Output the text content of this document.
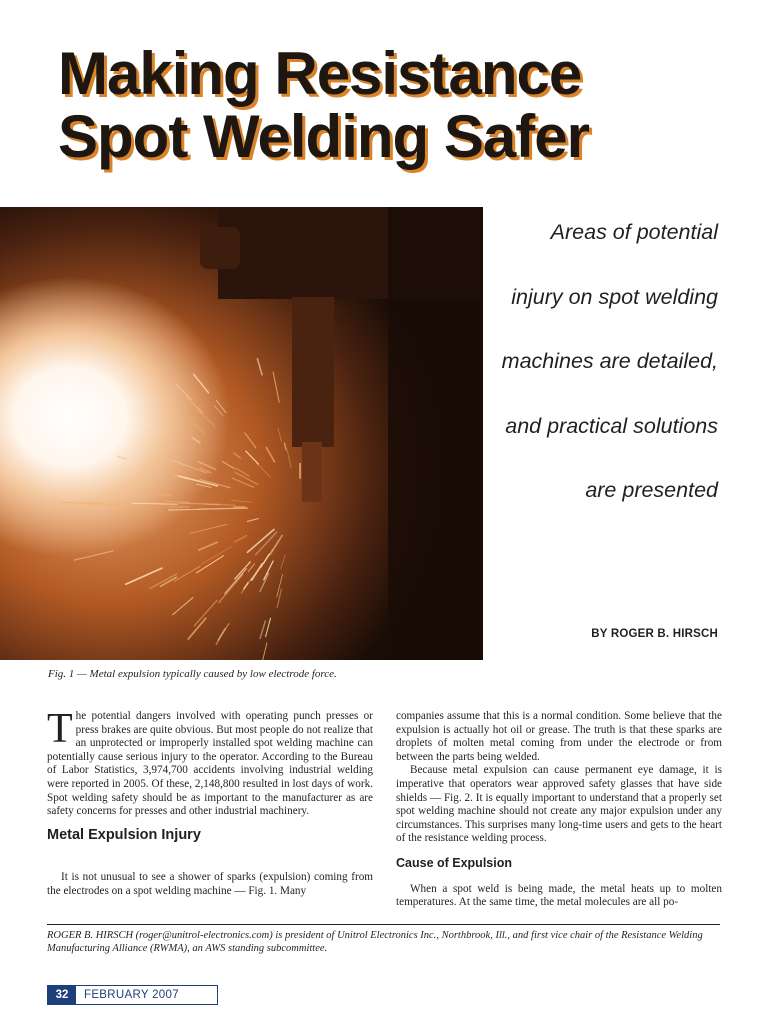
Making Resistance
Spot Welding Safer

Areas of potential injury on spot welding machines are detailed, and practical solutions are presented

BY ROGER B. HIRSCH

Fig. 1 — Metal expulsion typically caused by low electrode force.

The potential dangers involved with operating punch presses or press brakes are quite obvious. But most people do not realize that an unprotected or improperly installed spot welding machine can potentially cause serious injury to the operator. According to the Bureau of Labor Statistics, 3,974,700 accidents involving industrial welding were reported in 2005. Of these, 2,148,800 resulted in lost days of work. Spot welding safety should be as important to the manufacturer as are safety concerns for presses and other industrial machinery.

Metal Expulsion Injury

It is not unusual to see a shower of sparks (expulsion) coming from the electrodes on a spot welding machine — Fig. 1. Many

companies assume that this is a normal condition. Some believe that the expulsion is actually hot oil or grease. The truth is that these sparks are droplets of molten metal coming from under the electrode or from between the parts being welded.

Because metal expulsion can cause permanent eye damage, it is imperative that operators wear approved safety glasses that have side shields — Fig. 2. It is equally important to understand that a properly set spot welding machine should not create any major expulsion under any circumstances. This surprises many long-time users and gets to the heart of the resistance welding process.

Cause of Expulsion

When a spot weld is being made, the metal heats up to molten temperatures. At the same time, the metal molecules are all po-

ROGER B. HIRSCH (roger@unitrol-electronics.com) is president of Unitrol Electronics Inc., Northbrook, Ill., and first vice chair of the Resistance Welding Manufacturing Alliance (RWMA), an AWS standing subcommittee.

32	FEBRUARY 2007
